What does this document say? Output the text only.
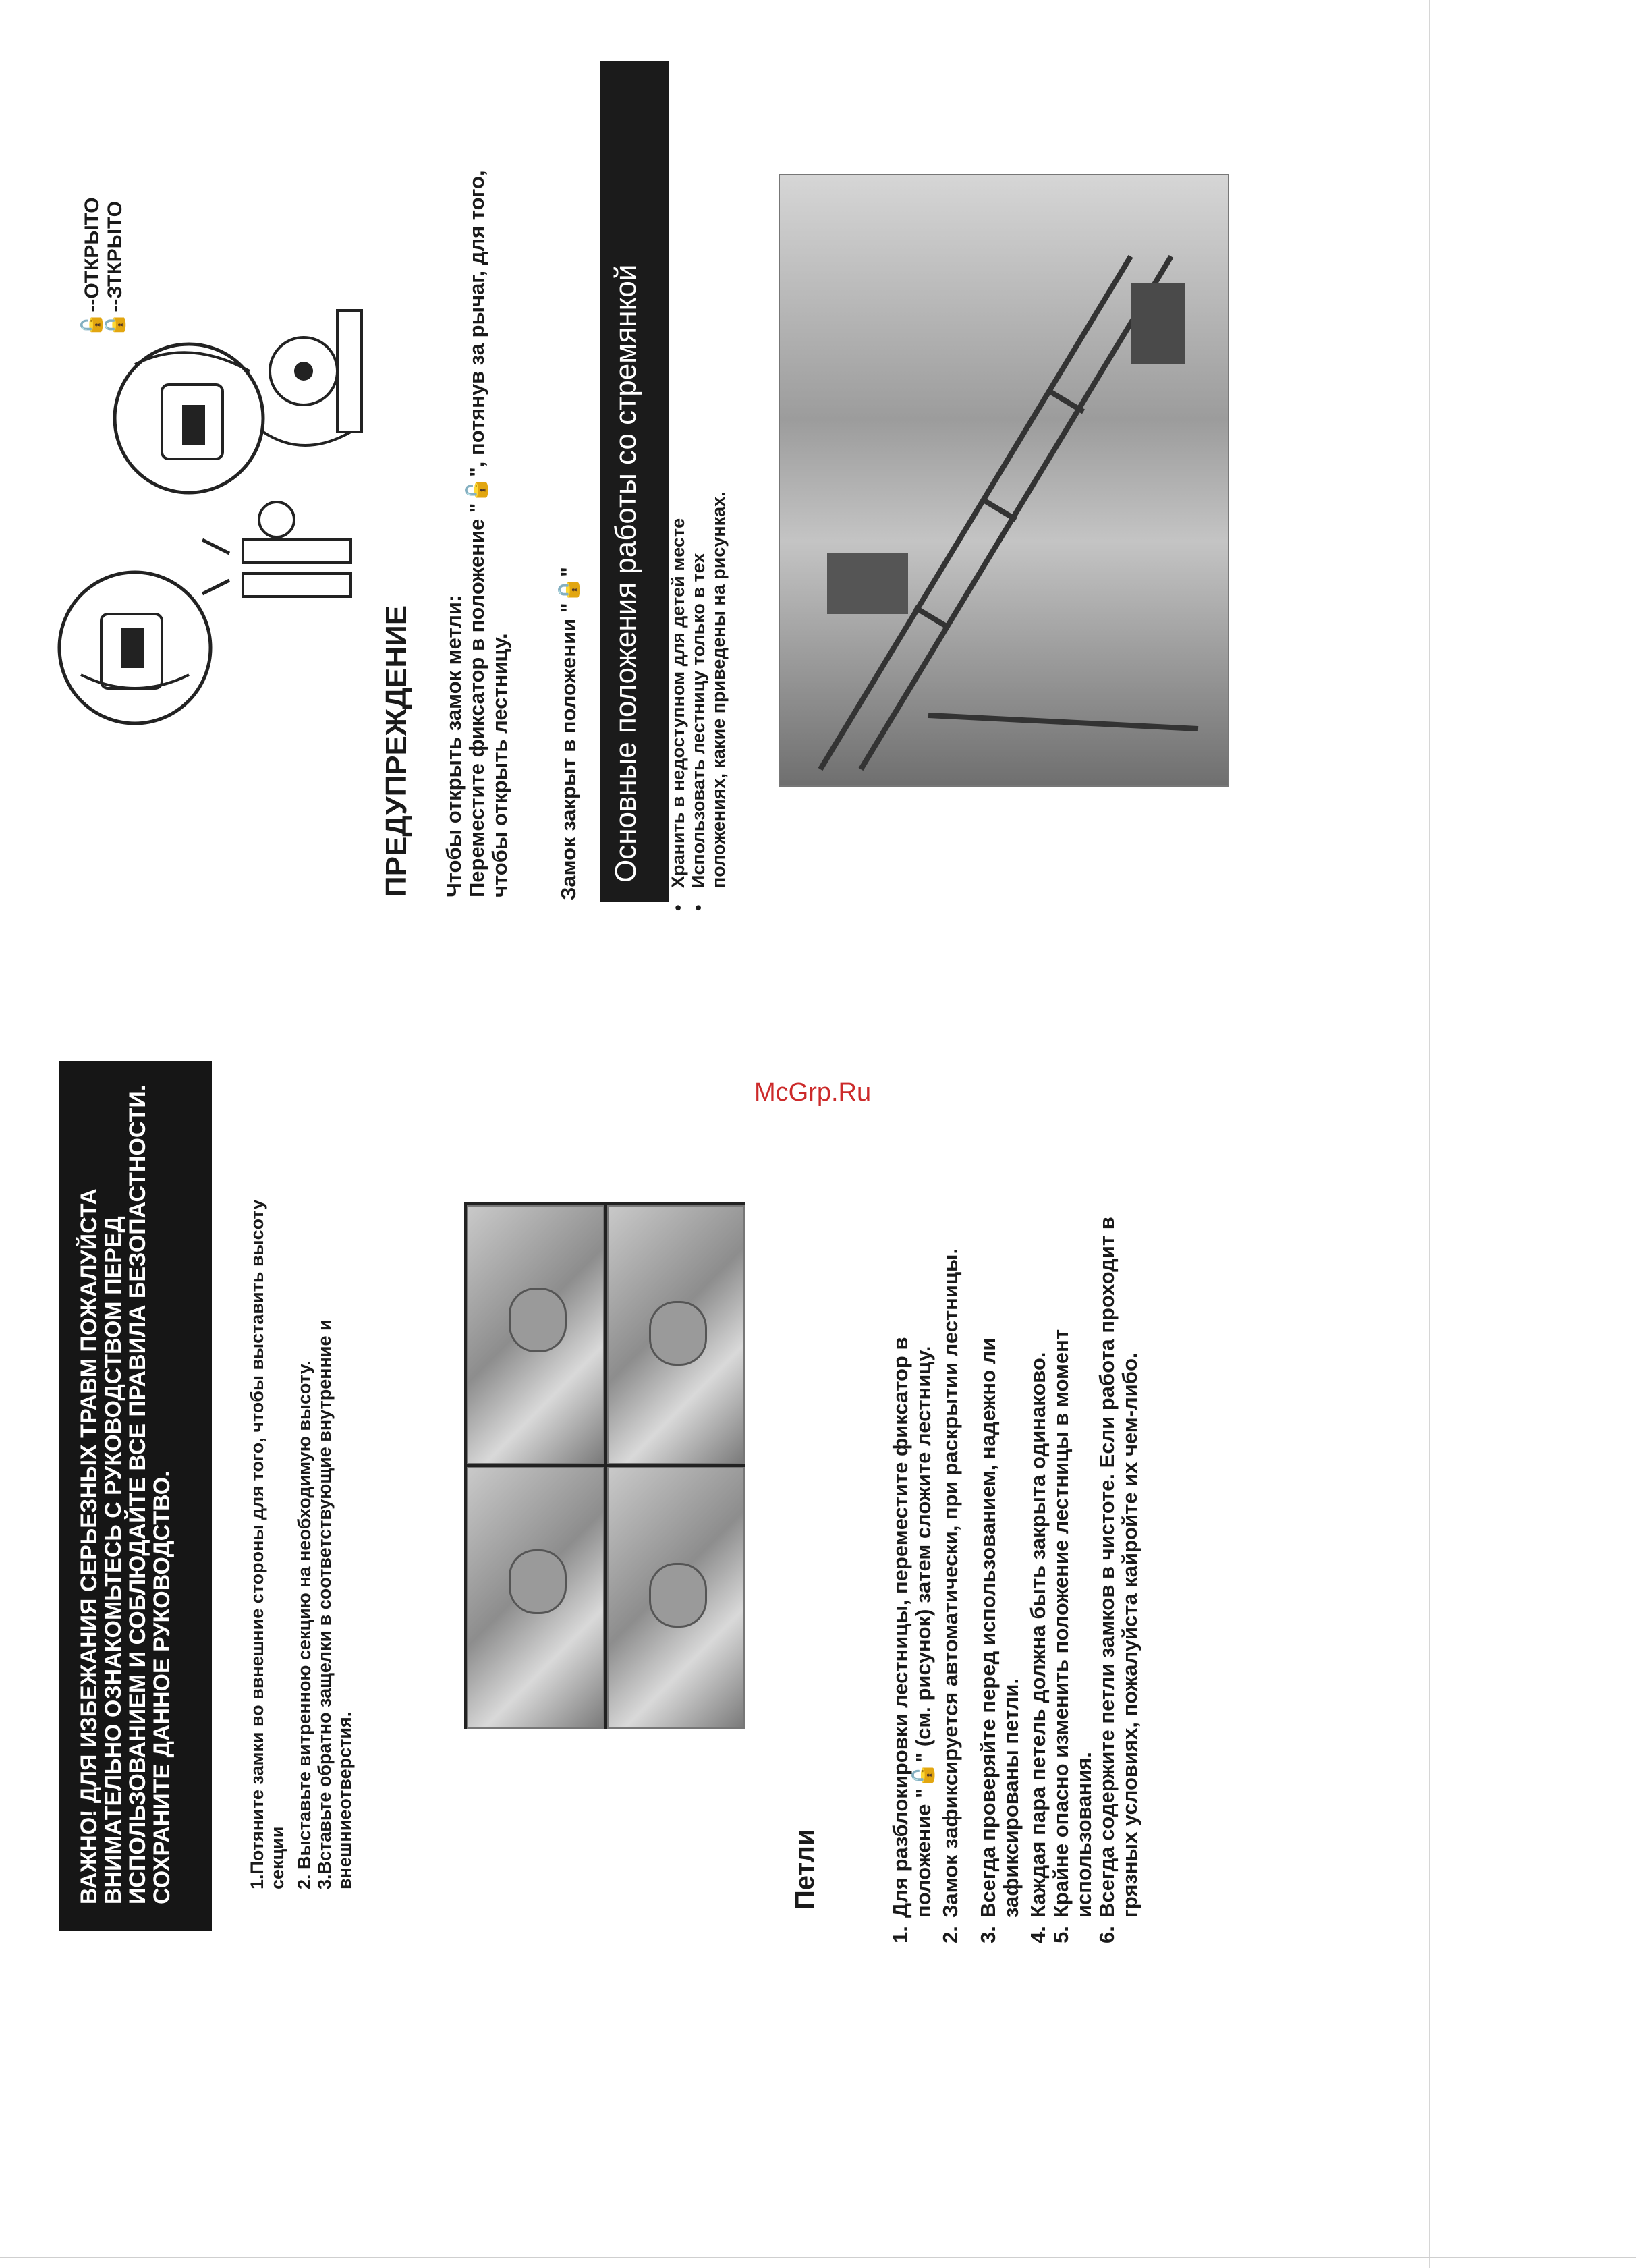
McGrp.Ru
ВАЖНО! ДЛЯ ИЗБЕЖАНИЯ СЕРЬЕЗНЫХ ТРАВМ ПОЖАЛУЙСТА
ВНИМАТЕЛЬНО ОЗНАКОМЬТЕСЬ С РУКОВОДСТВОМ ПЕРЕД
ИСПОЛЬЗОВАНИЕМ И СОБЛЮДАЙТЕ ВСЕ ПРАВИЛА БЕЗОПАСТНОСТИ.
СОХРАНИТЕ ДАННОЕ РУКОВОДСТВО.	1.Потяните замки во ввнешние стороны для того, чтобы выставить высоту секции 2. Выставьте витренною секцию на необходимую высоту. 3.Вставьте обратно защелки в соответствующие внутренние и внешниеотверстия.	Петли
1.
Для разблокировки лестницы, переместите фиксатор в положение "🔓" (см. рисунок) затем сложите лестницу.
2.
Замок зафиксируется автоматически, при раскрытии лестницы.
3.
Всегда проверяйте перед использованием, надежно ли зафиксированы петли.
4.
Каждая пара петель должна быть закрыта одинаково.
5.
Крайне опасно изменить положение лестницы в момент использования.
6.
Всегда содержите петли замков в чистоте. Если работа проходит в грязных условиях, пожалуйста кайройте их чем-либо.
🔓--ОТКРЫТО 🔒--ЗТКРЫТО
ПРЕДУПРЕЖДЕНИЕ Чтобы открыть замок метли: Переместите фиксатор в положение "🔓", потянув за рычаг, для того, чтобы открыть лестницу. Замок закрыт в положении "🔒" Основные положения работы со стремянкой
•
Хранить в недоступном для детей месте
•
Использовать лестницу только в тех положениях, какие приведены на рисунках.
